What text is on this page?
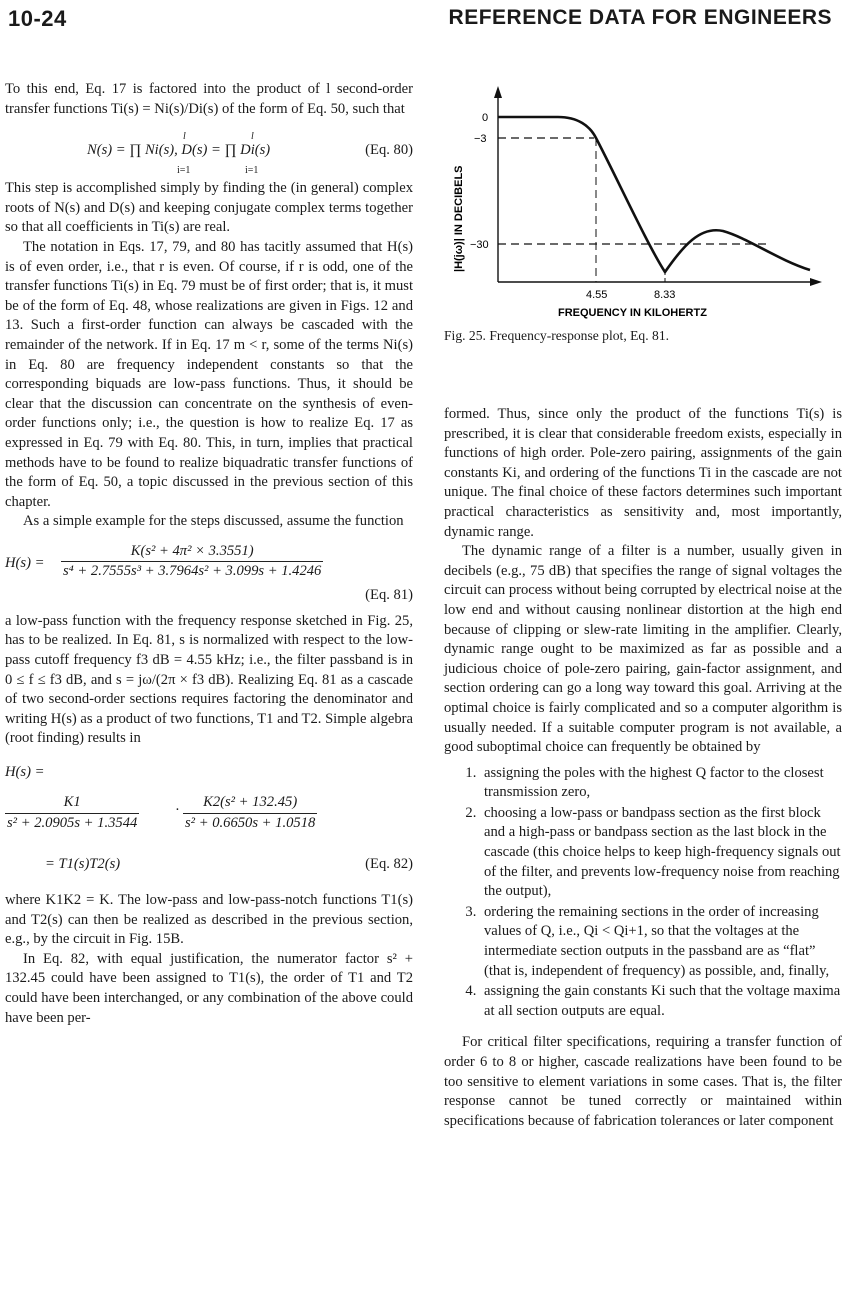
10-24	REFERENCE DATA FOR ENGINEERS

To this end, Eq. 17 is factored into the product of l second-order transfer functions Ti(s) = Ni(s)/Di(s) of the form of Eq. 50, such that

l	l
N(s) = ∏ Ni(s), D(s) = ∏ Di(s)
i=1	i=1
(Eq. 80)

This step is accomplished simply by finding the (in general) complex roots of N(s) and D(s) and keeping conjugate complex terms together so that all coefficients in Ti(s) are real.

The notation in Eqs. 17, 79, and 80 has tacitly assumed that H(s) is of even order, i.e., that r is even. Of course, if r is odd, one of the transfer functions Ti(s) in Eq. 79 must be of first order; that is, it must be of the form of Eq. 48, whose realizations are given in Figs. 12 and 13. Such a first-order function can always be cascaded with the remainder of the network. If in Eq. 17 m < r, some of the terms Ni(s) in Eq. 80 are frequency independent constants so that the corresponding biquads are low-pass functions. Thus, it should be clear that the discussion can concentrate on the synthesis of even-order functions only; i.e., the question is how to realize Eq. 17 as expressed in Eq. 79 with Eq. 80. This, in turn, implies that practical methods have to be found to realize biquadratic transfer functions of the form of Eq. 50, a topic discussed in the previous section of this chapter.

As a simple example for the steps discussed, assume the function

$H(s) = \frac{\text{K(s² + 4π² × 3.3551)}}{\text{s⁴ + 2.7555s³ + 3.7964s² + 3.099s + 1.4246}}$
(Eq. 81)

a low-pass function with the frequency response sketched in Fig. 25, has to be realized. In Eq. 81, s is normalized with respect to the low-pass cutoff frequency f3 dB = 4.55 kHz; i.e., the filter passband is in 0 ≤ f ≤ f3 dB, and s = jω/(2π × f3 dB). Realizing Eq. 81 as a cascade of two second-order sections requires factoring the denominator and writing H(s) as a product of two functions, T1 and T2. Simple algebra (root finding) results in

H(s) =
$\frac{K1}{\text{s² + 2.0905s + 1.3544}} \cdot \frac{\text{K2(s² + 132.45)}}{\text{s² + 0.6650s + 1.0518}}$
= T1(s)T2(s)	(Eq. 82)

where K1K2 = K. The low-pass and low-pass-notch functions T1(s) and T2(s) can then be realized as described in the previous section, e.g., by the circuit in Fig. 15B.

In Eq. 82, with equal justification, the numerator factor s² + 132.45 could have been assigned to T1(s), the order of T1 and T2 could have been interchanged, or any combination of the above could have been per-

0
−3
−30
4.55	8.33
FREQUENCY IN KILOHERTZ
|H(jω)| IN DECIBELS
Fig. 25. Frequency-response plot, Eq. 81.

formed. Thus, since only the product of the functions Ti(s) is prescribed, it is clear that considerable freedom exists, especially in functions of high order. Pole-zero pairing, assignments of the gain constants Ki, and ordering of the functions Ti in the cascade are not unique. The final choice of these factors determines such important practical characteristics as sensitivity and, most importantly, dynamic range.

The dynamic range of a filter is a number, usually given in decibels (e.g., 75 dB) that specifies the range of signal voltages the circuit can process without being corrupted by electrical noise at the low end and without causing nonlinear distortion at the high end because of clipping or slew-rate limiting in the amplifier. Clearly, dynamic range ought to be maximized as far as possible and a judicious choice of pole-zero pairing, gain-factor assignment, and section ordering can go a long way toward this goal. Arriving at the optimal choice is fairly complicated and so a computer algorithm is usually needed. If a suitable computer program is not available, a good suboptimal choice can frequently be obtained by

1. assigning the poles with the highest Q factor to the closest transmission zero,
2. choosing a low-pass or bandpass section as the first block and a high-pass or bandpass section as the last block in the cascade (this choice helps to keep high-frequency signals out of the filter, and prevents low-frequency noise from reaching the output),
3. ordering the remaining sections in the order of increasing values of Q, i.e., Qi < Qi+1, so that the voltages at the intermediate section outputs in the passband are as “flat” (that is, independent of frequency) as possible, and, finally,
4. assigning the gain constants Ki such that the voltage maxima at all section outputs are equal.

For critical filter specifications, requiring a transfer function of order 6 to 8 or higher, cascade realizations have been found to be too sensitive to element variations in some cases. That is, the filter response cannot be tuned correctly or maintained within specifications because of fabrication tolerances or later component
